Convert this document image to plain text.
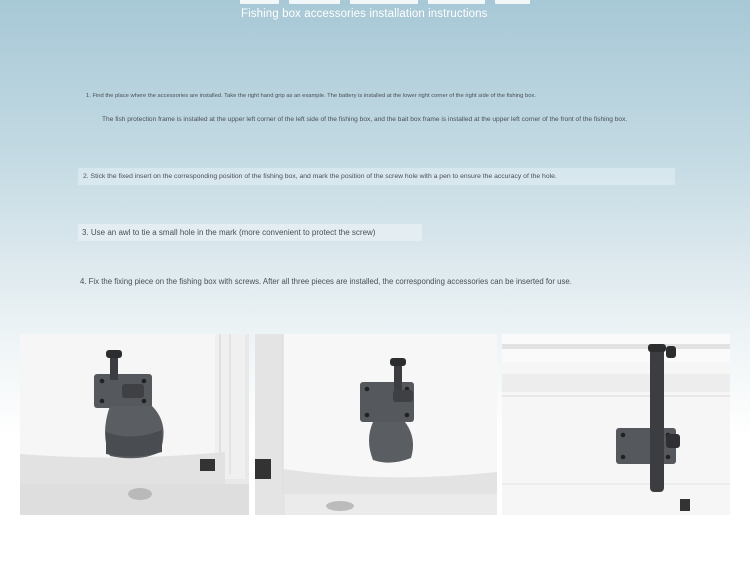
Fishing box accessories installation instructions
1. Find the place where the accessories are installed. Take the right hand grip as an example. The battery is installed at the lower right corner of the right side of the fishing box.
The fish protection frame is installed at the upper left corner of the left side of the fishing box, and the bait box frame is installed at the upper left corner of the front of the fishing box.
2. Stick the fixed insert on the corresponding position of the fishing box, and mark the position of the screw hole with a pen to ensure the accuracy of the hole.
3. Use an awl to tie a small hole in the mark (more convenient to protect the screw)
4. Fix the fixing piece on the fishing box with screws. After all three pieces are installed, the corresponding accessories can be inserted for use.
